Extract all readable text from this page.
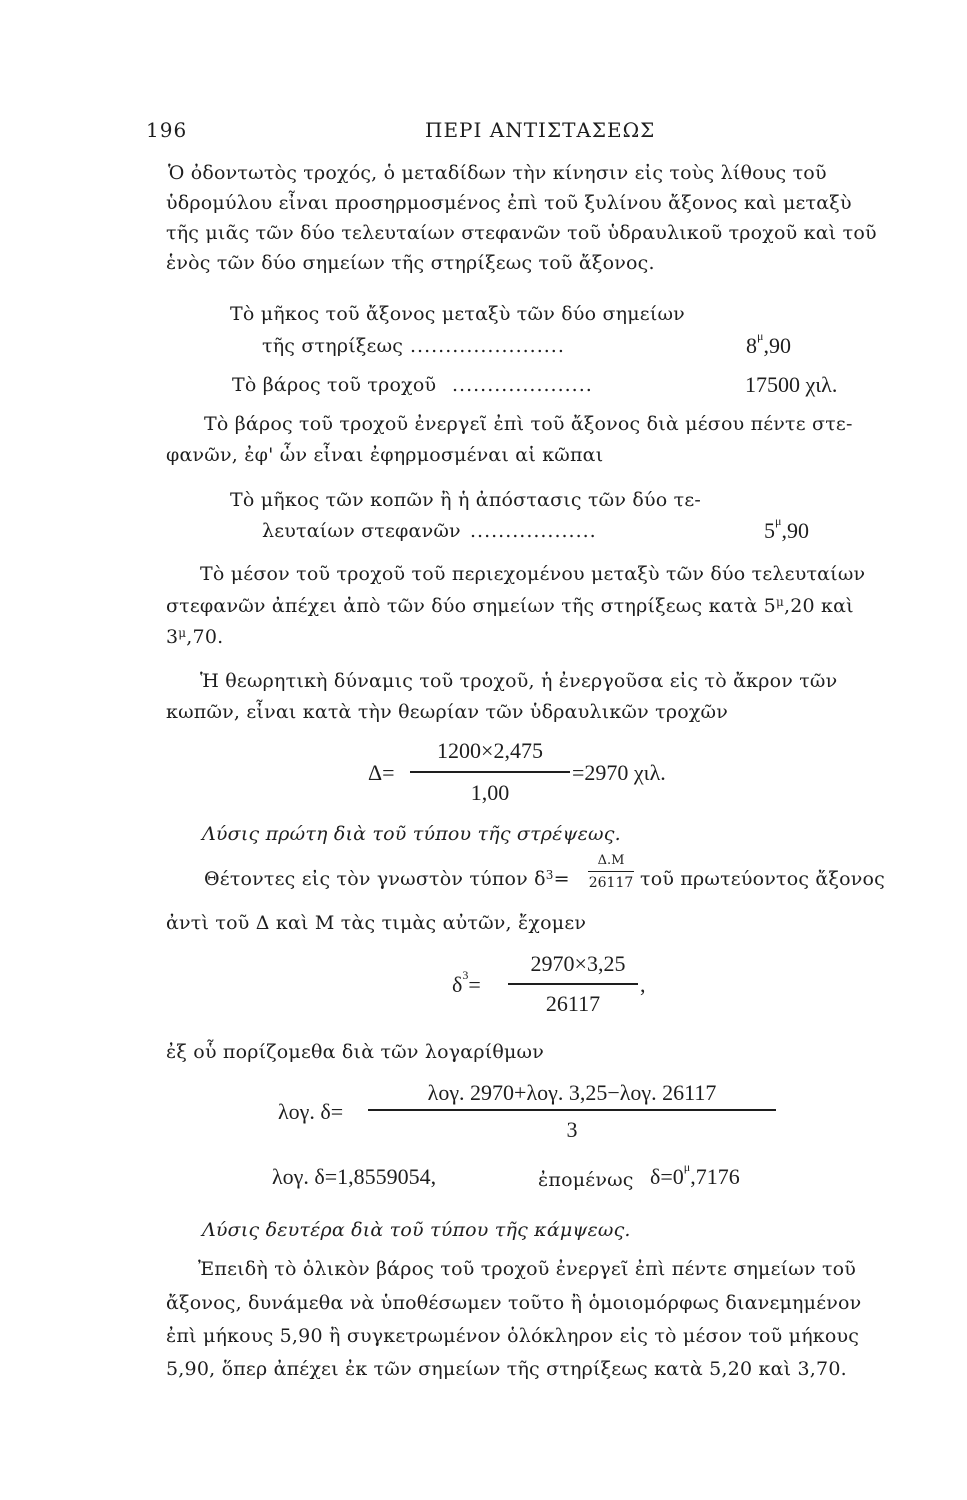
196	ΠΕΡΙ ΑΝΤΙΣΤΑΣΕΩΣ
Ὁ ὀδοντωτὸς τροχός, ὁ μεταδίδων τὴν κίνησιν εἰς τοὺς λίθους τοῦ
ὑδρομύλου εἶναι προσηρμοσμένος ἐπὶ τοῦ ξυλίνου ἄξονος καὶ μεταξὺ
τῆς μιᾶς τῶν δύο τελευταίων στεφανῶν τοῦ ὑδραυλικοῦ τροχοῦ καὶ τοῦ
ἑνὸς τῶν δύο σημείων τῆς στηρίξεως τοῦ ἄξονος.
Τὸ μῆκος τοῦ ἄξονος μεταξὺ τῶν δύο σημείων
τῆς στηρίξεως ......................	$8^\mu,90$
Τὸ βάρος τοῦ τροχοῦ ....................	17500 χιλ.
Τὸ βάρος τοῦ τροχοῦ ἐνεργεῖ ἐπὶ τοῦ ἄξονος διὰ μέσου πέντε στε-
φανῶν, ἐφ' ὧν εἶναι ἐφηρμοσμέναι αἱ κῶπαι
Τὸ μῆκος τῶν κοπῶν ἢ ἡ ἀπόστασις τῶν δύο τε-
λευταίων στεφανῶν ..................	$5^\mu,90$
Τὸ μέσον τοῦ τροχοῦ τοῦ περιεχομένου μεταξὺ τῶν δύο τελευταίων
στεφανῶν ἀπέχει ἀπὸ τῶν δύο σημείων τῆς στηρίξεως κατὰ $5^\mu,20$ καὶ
$3^\mu,70$.
Ἡ θεωρητικὴ δύναμις τοῦ τροχοῦ, ἡ ἐνεργοῦσα εἰς τὸ ἄκρον τῶν
κωπῶν, εἶναι κατὰ τὴν θεωρίαν τῶν ὑδραυλικῶν τροχῶν
Δ=
1200×2,475
1,00
=2970 χιλ.
Λύσις πρώτη διὰ τοῦ τύπου τῆς στρέψεως.
Θέτοντες εἰς τὸν γνωστὸν τύπον $\delta^3=$
Δ.Μ
26117 τοῦ πρωτεύοντος ἄξονος
ἀντὶ τοῦ Δ καὶ Μ τὰς τιμὰς αὐτῶν, ἔχομεν
$\delta^3=$
2970×3,25
26117
,
ἐξ οὗ πορίζομεθα διὰ τῶν λογαρίθμων
λογ. δ=
λογ. 2970+λογ. 3,25−λογ. 26117
3
λογ. δ=1,8559054,	ἐπομένως $\delta=0^\mu,7176$
Λύσις δευτέρα διὰ τοῦ τύπου τῆς κάμψεως.
Ἐπειδὴ τὸ ὁλικὸν βάρος τοῦ τροχοῦ ἐνεργεῖ ἐπὶ πέντε σημείων τοῦ
ἄξονος, δυνάμεθα νὰ ὑποθέσωμεν τοῦτο ἢ ὁμοιομόρφως διανεμημένον
ἐπὶ μήκους 5,90 ἢ συγκετρωμένον ὁλόκληρον εἰς τὸ μέσον τοῦ μήκους
5,90, ὅπερ ἀπέχει ἐκ τῶν σημείων τῆς στηρίξεως κατὰ 5,20 καὶ 3,70.
